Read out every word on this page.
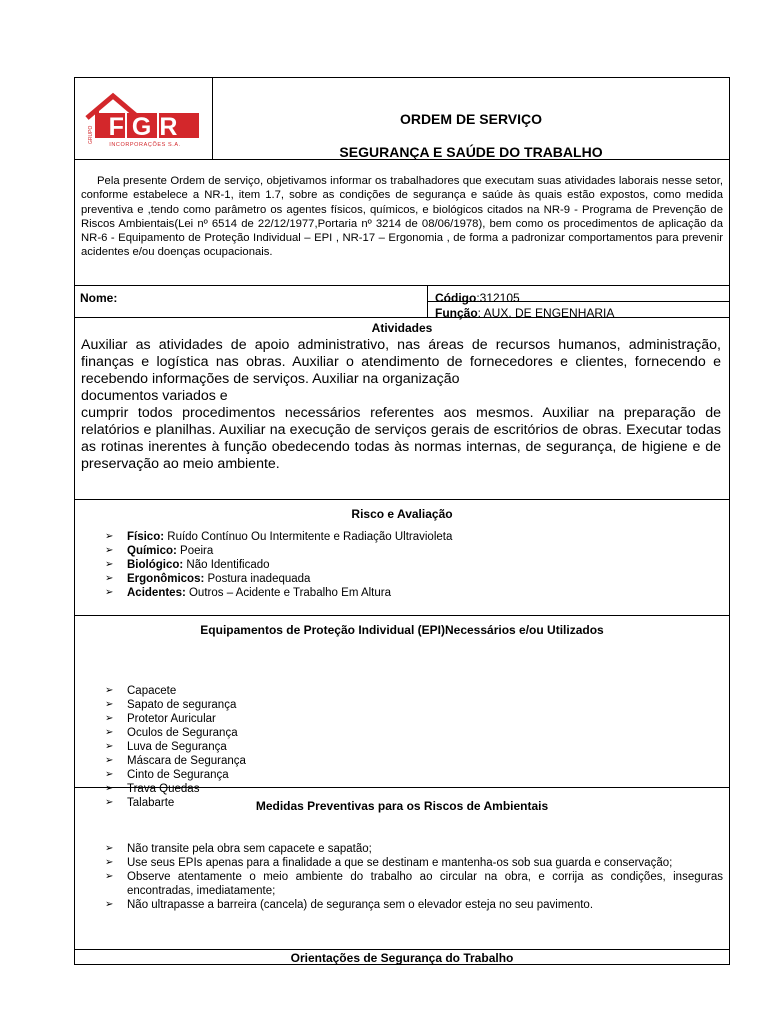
GRUPO FGR
INCORPORAÇÕES S.A.
ORDEM DE SERVIÇO
SEGURANÇA E SAÚDE DO TRABALHO

Pela presente Ordem de serviço, objetivamos informar os trabalhadores que executam suas atividades laborais nesse setor, conforme estabelece a NR-1, item 1.7, sobre as condições de segurança e saúde às quais estão expostos, como medida preventiva e ,tendo como parâmetro os agentes físicos, químicos, e biológicos citados na NR-9 - Programa de Prevenção de Riscos Ambientais(Lei nº 6514 de 22/12/1977,Portaria nº 3214 de 08/06/1978), bem como os procedimentos de aplicação da NR-6 - Equipamento de Proteção Individual – EPI , NR-17 – Ergonomia , de forma a padronizar comportamentos para prevenir acidentes e/ou doenças ocupacionais.

Nome:	Código:312105
Função: AUX. DE ENGENHARIA
Atividades

Auxiliar as atividades de apoio administrativo, nas áreas de recursos humanos, administração, finanças e logística nas obras. Auxiliar o atendimento de fornecedores e clientes, fornecendo e recebendo informações de serviços. Auxiliar na organização

documentos variados e

cumprir todos procedimentos necessários referentes aos mesmos. Auxiliar na preparação de relatórios e planilhas. Auxiliar na execução de serviços gerais de escritórios de obras. Executar todas as rotinas inerentes à função obedecendo todas às normas internas, de segurança, de higiene e de preservação ao meio ambiente.

Risco e Avaliação
➢ Físico: Ruído Contínuo Ou Intermitente e Radiação Ultravioleta
➢ Químico: Poeira
➢ Biológico: Não Identificado
➢ Ergonômicos: Postura inadequada
➢ Acidentes: Outros – Acidente e Trabalho Em Altura
Equipamentos de Proteção Individual (EPI)Necessários e/ou Utilizados
➢ Capacete
➢ Sapato de segurança
➢ Protetor Auricular
➢ Oculos de Segurança
➢ Luva de Segurança
➢ Máscara de Segurança
➢ Cinto de Segurança
➢ Trava Quedas
➢ Talabarte	Medidas Preventivas para os Riscos de Ambientais
➢ Não transite pela obra sem capacete e sapatão;
➢ Use seus EPIs apenas para a finalidade a que se destinam e mantenha-os sob sua guarda e conservação;
➢ Observe atentamente o meio ambiente do trabalho ao circular na obra, e corrija as condições, inseguras encontradas, imediatamente;
➢ Não ultrapasse a barreira (cancela) de segurança sem o elevador esteja no seu pavimento.
Orientações de Segurança do Trabalho
